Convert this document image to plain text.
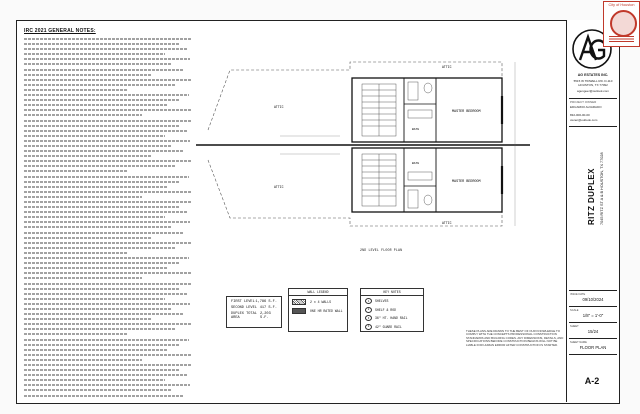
IRC 2021 GENERAL NOTES:
ATTIC
ATTIC
ATTIC
ATTIC
MASTER BEDROOM
MASTER BEDROOM
BATH
BATH
2ND LEVEL FLOOR PLAN
FIRST LEVEL 1,786 S.F.
SECOND LEVEL 417 S.F.
DUPLEX TOTAL AREA
2,203 S.F.
WALL LEGEND
2 x 4 WALLS
ONE HR RATED WALL
KEY NOTES
1	SHELVES
2	SHELF & ROD
3	36" HT. HAND RAIL
4	42" GUARD RAIL
THESE PLANS ARE DRAWN TO THE BEST OF OUR KNOWLEDGE TO COMPLY WITH THE CONCEPTS PROFESSIONAL CONSTRUCTION STANDARDS AND BUILDING CODES. ANY DIMENSIONS, DETAILS, AND SPECIFICATIONS BEFORE CONSTRUCTION BEGINS WILL NOT BE LIABLE FOR HUMAN ERROR AFTER CONSTRUCTION IS STARTED.
AG ESTATES INC.
5515 W TIDWELL RD. D-110 HOUSTON, TX 77092
agengeer@outlook.com
PROJECT OWNER
EDUARDO ALVARADO
832-000-00-00
owner@outlook.com
RITZ DUPLEX 7045 RITZ ST A & B HOUSTON, TX 77028
ISSUE DATE
09/10/2024
SCALE
1/8" = 1'-0"
SHEET
15/24
SHEET NAME
FLOOR PLAN
A-2
City of Houston
